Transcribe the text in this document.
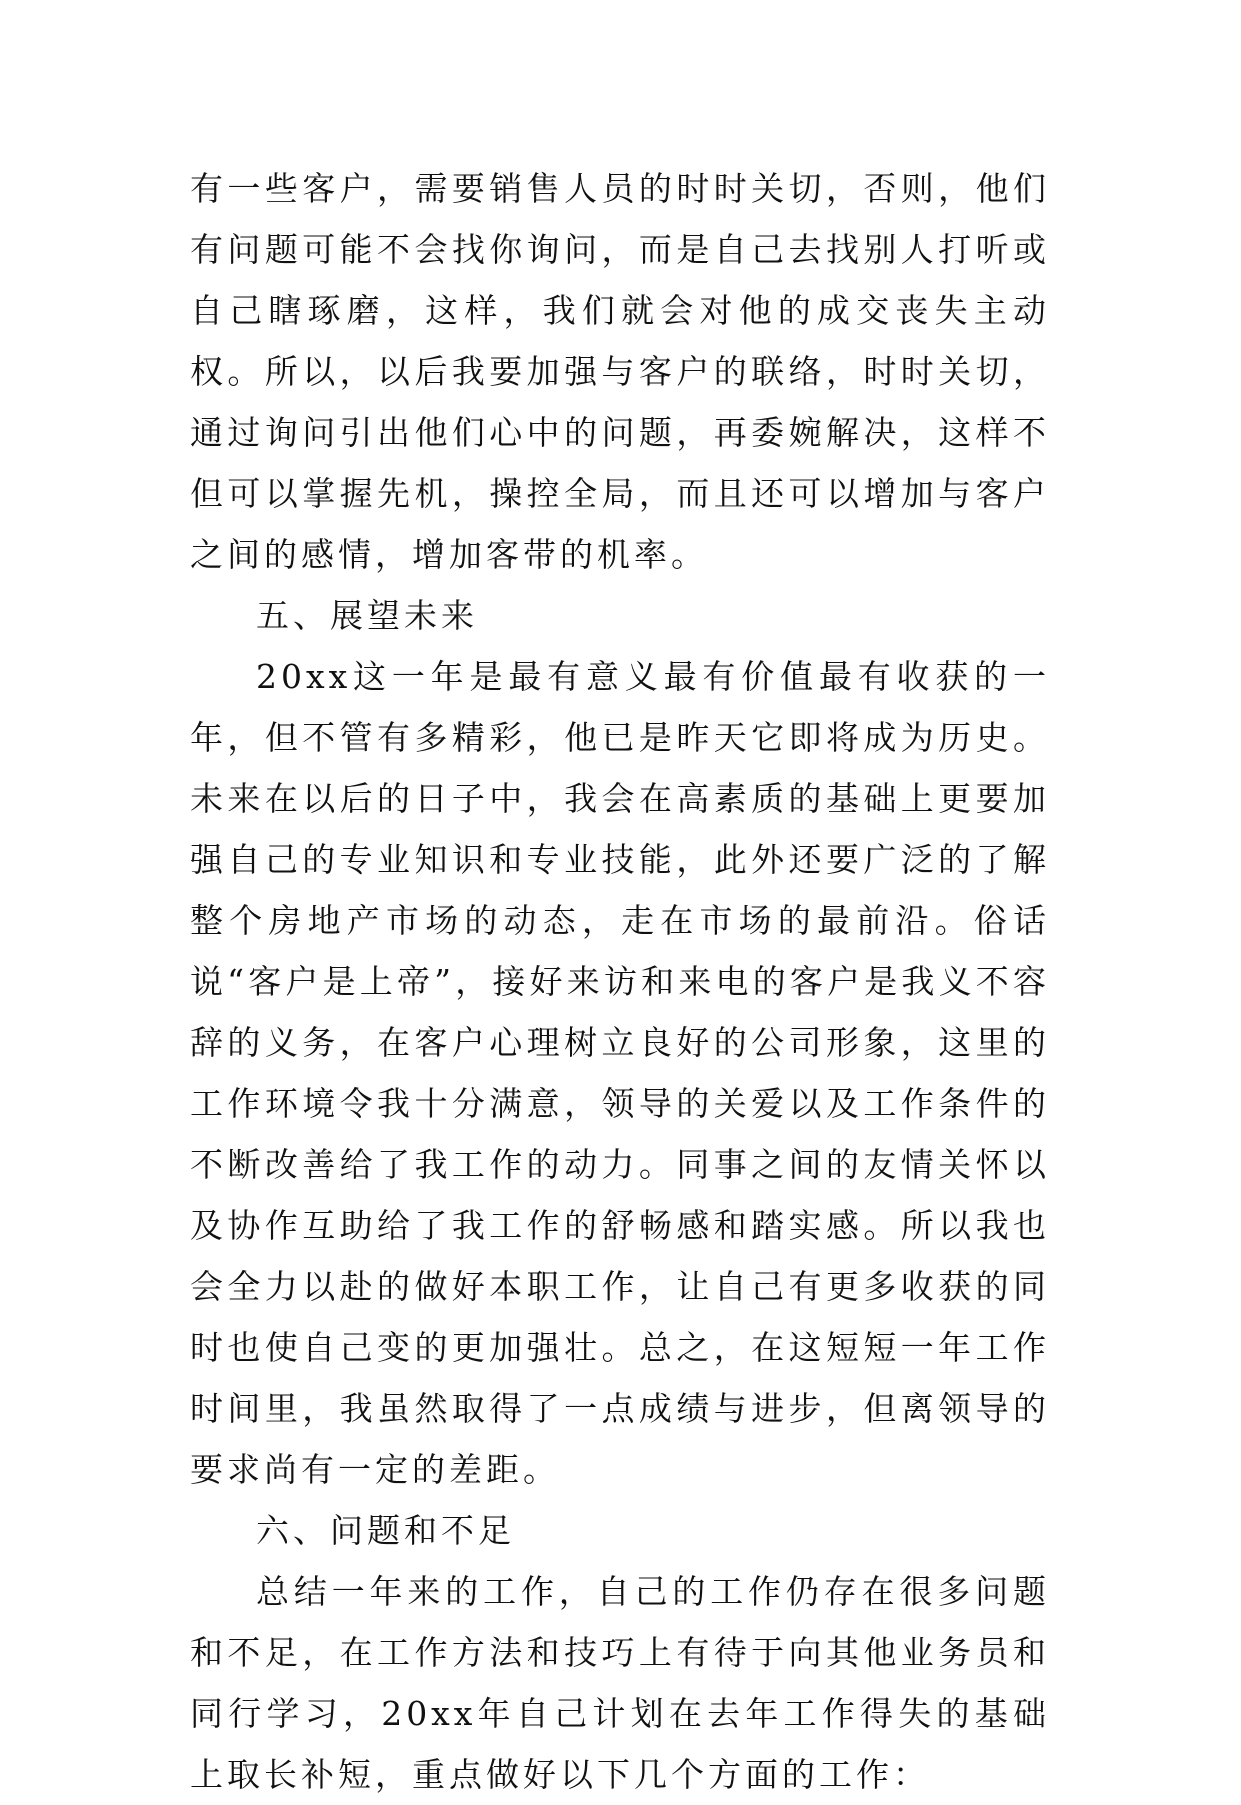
有一些客户，需要销售人员的时时关切，否则，他们有问题可能不会找你询问，而是自己去找别人打听或自己瞎琢磨，这样，我们就会对他的成交丧失主动权。所以，以后我要加强与客户的联络，时时关切，通过询问引出他们心中的问题，再委婉解决，这样不但可以掌握先机，操控全局，而且还可以增加与客户之间的感情，增加客带的机率。

五、展望未来

20xx这一年是最有意义最有价值最有收获的一年，但不管有多精彩，他已是昨天它即将成为历史。未来在以后的日子中，我会在高素质的基础上更要加强自己的专业知识和专业技能，此外还要广泛的了解整个房地产市场的动态，走在市场的最前沿。俗话说“客户是上帝”，接好来访和来电的客户是我义不容辞的义务，在客户心理树立良好的公司形象，这里的工作环境令我十分满意，领导的关爱以及工作条件的不断改善给了我工作的动力。同事之间的友情关怀以及协作互助给了我工作的舒畅感和踏实感。所以我也会全力以赴的做好本职工作，让自己有更多收获的同时也使自己变的更加强壮。总之，在这短短一年工作时间里，我虽然取得了一点成绩与进步，但离领导的要求尚有一定的差距。

六、问题和不足

总结一年来的工作，自己的工作仍存在很多问题和不足，在工作方法和技巧上有待于向其他业务员和同行学习，20xx年自己计划在去年工作得失的基础上取长补短，重点做好以下几个方面的工作：
